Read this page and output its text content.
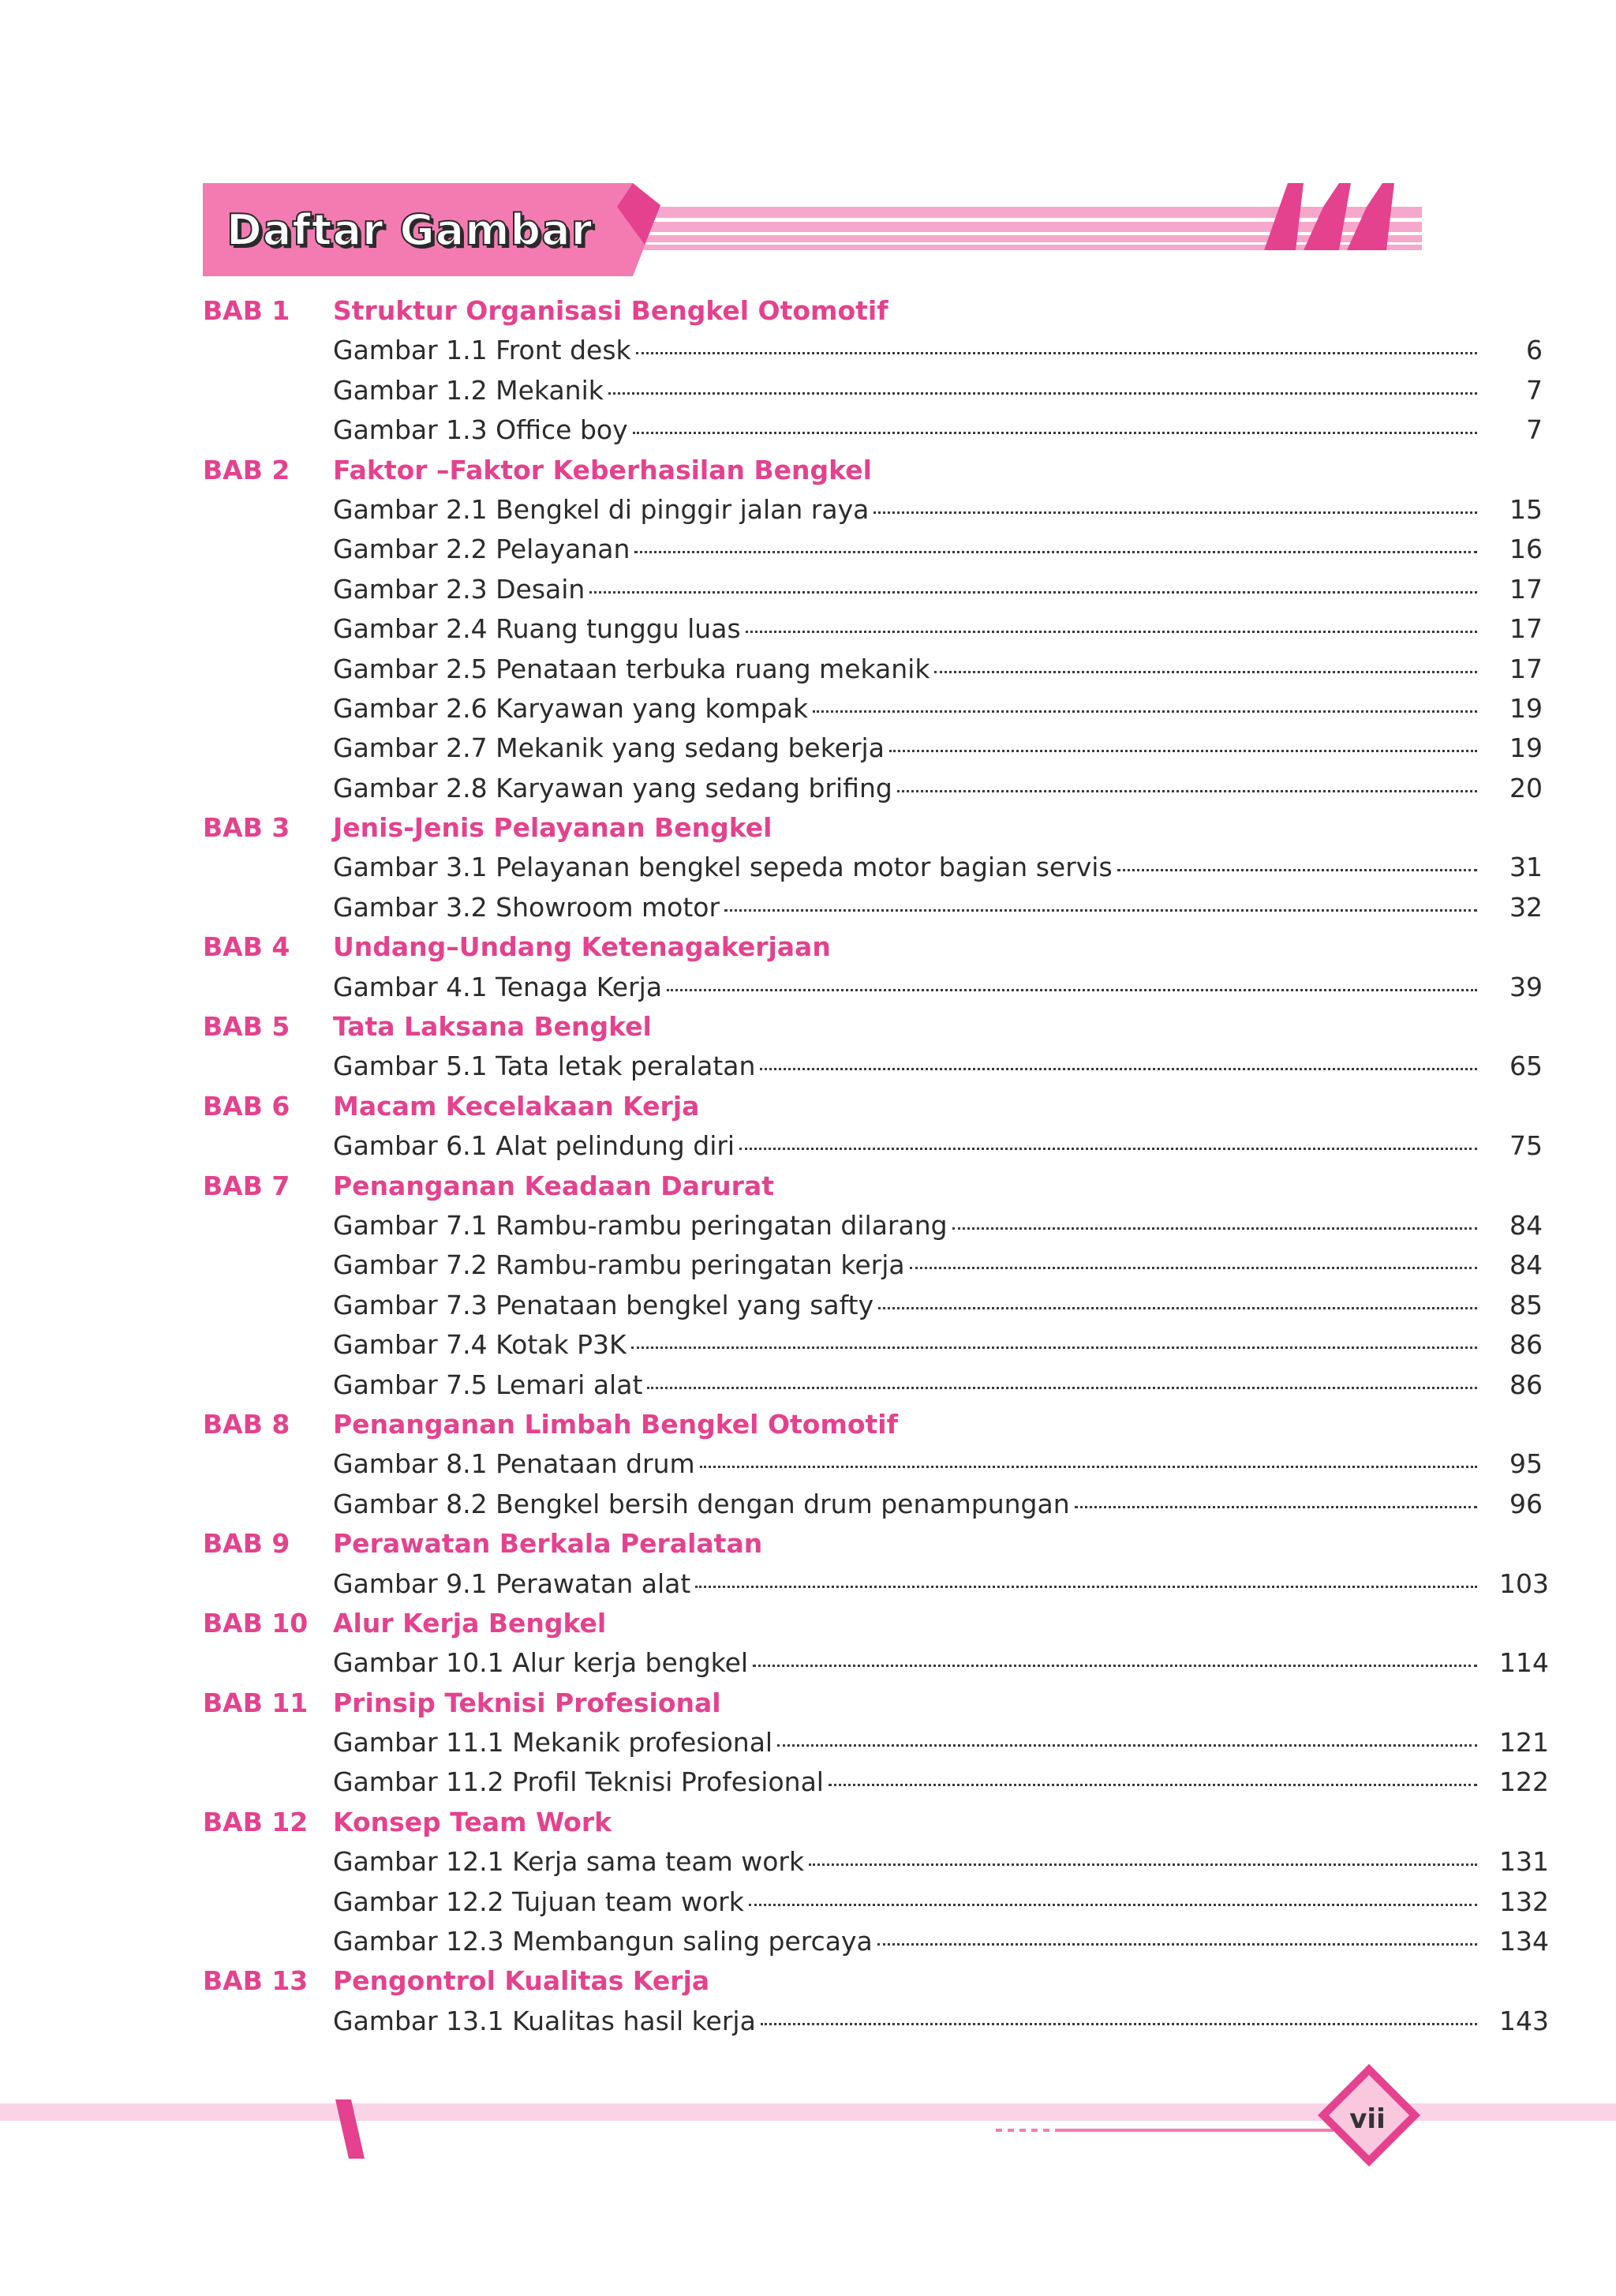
Daftar Gambar
BAB 1 Struktur Organisasi Bengkel Otomotif
Gambar 1.1 Front desk	6
Gambar 1.2 Mekanik	7
Gambar 1.3 Office boy	7
BAB 2 Faktor –Faktor Keberhasilan Bengkel
Gambar 2.1 Bengkel di pinggir jalan raya	15
Gambar 2.2 Pelayanan	16
Gambar 2.3 Desain	17
Gambar 2.4 Ruang tunggu luas	17
Gambar 2.5 Penataan terbuka ruang mekanik	17
Gambar 2.6 Karyawan yang kompak	19
Gambar 2.7 Mekanik yang sedang bekerja	19
Gambar 2.8 Karyawan yang sedang brifing	20
BAB 3 Jenis-Jenis Pelayanan Bengkel
Gambar 3.1 Pelayanan bengkel sepeda motor bagian servis	31
Gambar 3.2 Showroom motor	32
BAB 4 Undang–Undang Ketenagakerjaan
Gambar 4.1 Tenaga Kerja	39
BAB 5 Tata Laksana Bengkel
Gambar 5.1 Tata letak peralatan	65
BAB 6 Macam Kecelakaan Kerja
Gambar 6.1 Alat pelindung diri	75
BAB 7 Penanganan Keadaan Darurat
Gambar 7.1 Rambu-rambu peringatan dilarang	84
Gambar 7.2 Rambu-rambu peringatan kerja	84
Gambar 7.3 Penataan bengkel yang safty	85
Gambar 7.4 Kotak P3K	86
Gambar 7.5 Lemari alat	86
BAB 8 Penanganan Limbah Bengkel Otomotif
Gambar 8.1 Penataan drum	95
Gambar 8.2 Bengkel bersih dengan drum penampungan	96
BAB 9 Perawatan Berkala Peralatan
Gambar 9.1 Perawatan alat	103
BAB 10 Alur Kerja Bengkel
Gambar 10.1 Alur kerja bengkel	114
BAB 11 Prinsip Teknisi Profesional
Gambar 11.1 Mekanik profesional	121
Gambar 11.2 Profil Teknisi Profesional	122
BAB 12 Konsep Team Work
Gambar 12.1 Kerja sama team work	131
Gambar 12.2 Tujuan team work	132
Gambar 12.3 Membangun saling percaya	134
BAB 13 Pengontrol Kualitas Kerja
Gambar 13.1 Kualitas hasil kerja	143
vii
